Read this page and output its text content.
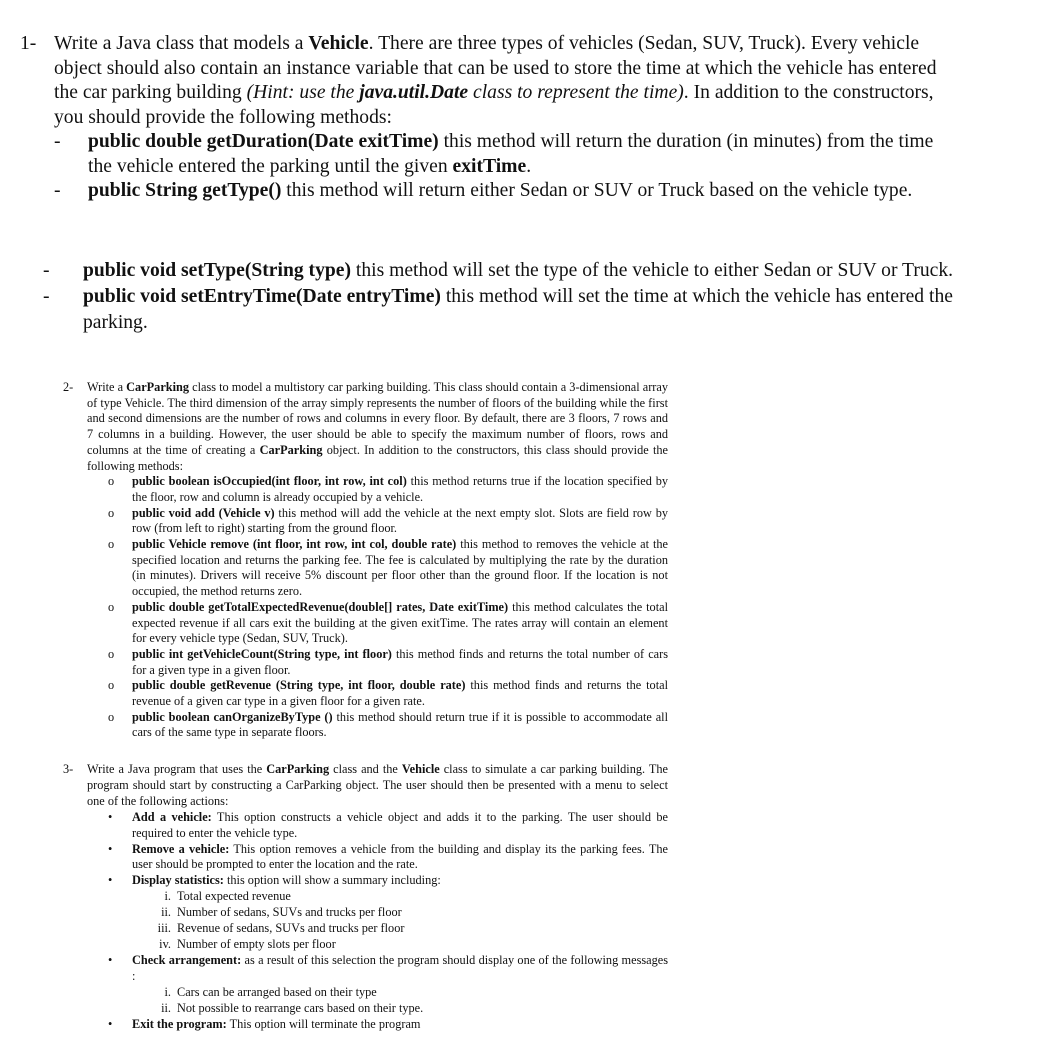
1- Write a Java class that models a Vehicle. There are three types of vehicles (Sedan, SUV, Truck). Every vehicle object should also contain an instance variable that can be used to store the time at which the vehicle has entered the car parking building (Hint: use the java.util.Date class to represent the time). In addition to the constructors, you should provide the following methods:
- public double getDuration(Date exitTime) this method will return the duration (in minutes) from the time the vehicle entered the parking until the given exitTime.
- public String getType() this method will return either Sedan or SUV or Truck based on the vehicle type.
- public void setType(String type) this method will set the type of the vehicle to either Sedan or SUV or Truck.
- public void setEntryTime(Date entryTime) this method will set the time at which the vehicle has entered the parking.
2- Write a CarParking class to model a multistory car parking building. This class should contain a 3-dimensional array of type Vehicle. The third dimension of the array simply represents the number of floors of the building while the first and second dimensions are the number of rows and columns in every floor. By default, there are 3 floors, 7 rows and 7 columns in a building. However, the user should be able to specify the maximum number of floors, rows and columns at the time of creating a CarParking object. In addition to the constructors, this class should provide the following methods:
o public boolean isOccupied(int floor, int row, int col) this method returns true if the location specified by the floor, row and column is already occupied by a vehicle.
o public void add (Vehicle v) this method will add the vehicle at the next empty slot. Slots are field row by row (from left to right) starting from the ground floor.
o public Vehicle remove (int floor, int row, int col, double rate) this method to removes the vehicle at the specified location and returns the parking fee. The fee is calculated by multiplying the rate by the duration (in minutes). Drivers will receive 5% discount per floor other than the ground floor. If the location is not occupied, the method returns zero.
o public double getTotalExpectedRevenue(double[] rates, Date exitTime) this method calculates the total expected revenue if all cars exit the building at the given exitTime. The rates array will contain an element for every vehicle type (Sedan, SUV, Truck).
o public int getVehicleCount(String type, int floor) this method finds and returns the total number of cars for a given type in a given floor.
o public double getRevenue (String type, int floor, double rate) this method finds and returns the total revenue of a given car type in a given floor for a given rate.
o public boolean canOrganizeByType () this method should return true if it is possible to accommodate all cars of the same type in separate floors.
3- Write a Java program that uses the CarParking class and the Vehicle class to simulate a car parking building. The program should start by constructing a CarParking object. The user should then be presented with a menu to select one of the following actions:
• Add a vehicle: This option constructs a vehicle object and adds it to the parking. The user should be required to enter the vehicle type.
• Remove a vehicle: This option removes a vehicle from the building and display its the parking fees. The user should be prompted to enter the location and the rate.
• Display statistics: this option will show a summary including:
i. Total expected revenue
ii. Number of sedans, SUVs and trucks per floor
iii. Revenue of sedans, SUVs and trucks per floor
iv. Number of empty slots per floor
• Check arrangement: as a result of this selection the program should display one of the following messages :
i. Cars can be arranged based on their type
ii. Not possible to rearrange cars based on their type.
• Exit the program: This option will terminate the program
